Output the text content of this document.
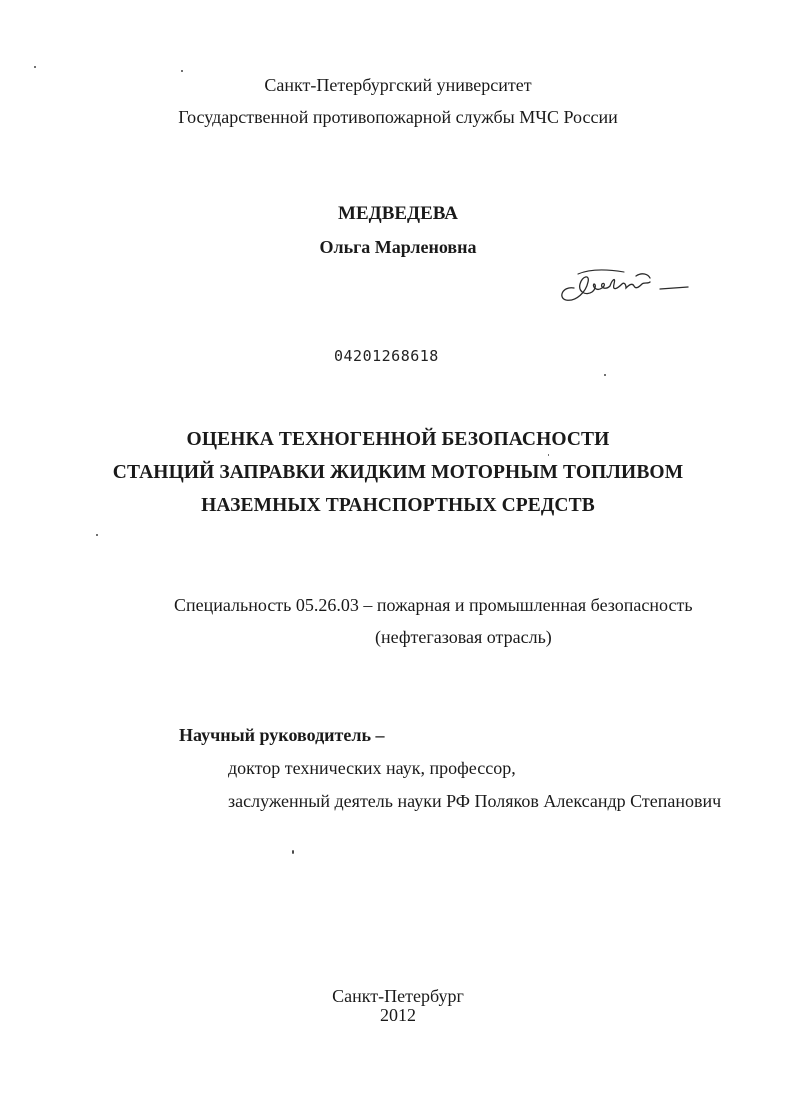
Санкт-Петербургский университет
Государственной противопожарной службы МЧС России
МЕДВЕДЕВА
Ольга Марленовна
04201268618
ОЦЕНКА ТЕХНОГЕННОЙ БЕЗОПАСНОСТИ
СТАНЦИЙ ЗАПРАВКИ ЖИДКИМ МОТОРНЫМ ТОПЛИВОМ
НАЗЕМНЫХ ТРАНСПОРТНЫХ СРЕДСТВ
Специальность 05.26.03 – пожарная и промышленная безопасность
(нефтегазовая отрасль)
Научный руководитель –
доктор технических наук, профессор,
заслуженный деятель науки РФ Поляков Александр Степанович
Санкт-Петербург
2012
